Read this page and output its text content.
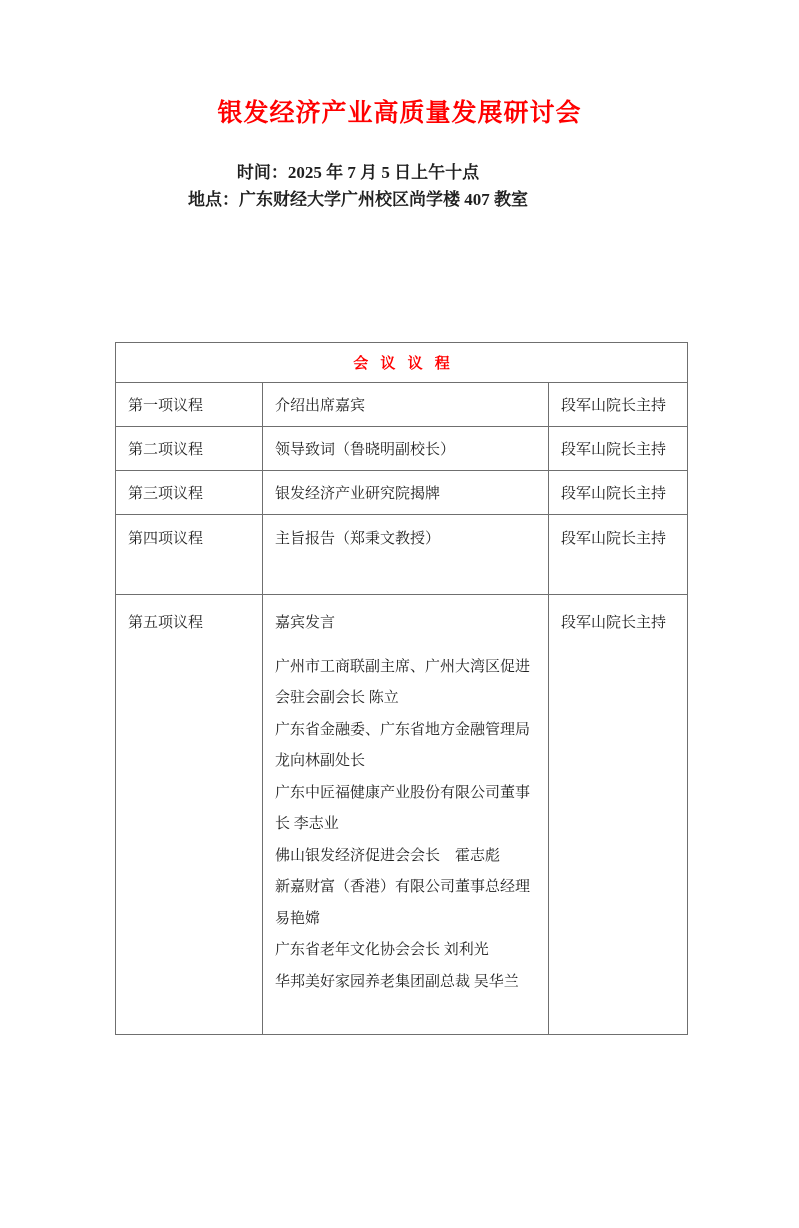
银发经济产业高质量发展研讨会
时间：2025 年 7 月 5 日上午十点
地点：广东财经大学广州校区尚学楼 407 教室
会 议 议 程		
第一项议程	介绍出席嘉宾	段军山院长主持
第二项议程	领导致词（鲁晓明副校长）	段军山院长主持
第三项议程	银发经济产业研究院揭牌	段军山院长主持
第四项议程	主旨报告（郑秉文教授）	段军山院长主持
第五项议程	嘉宾发言

广州市工商联副主席、广州大湾区促进会驻会副会长 陈立

广东省金融委、广东省地方金融管理局 龙向林副处长

广东中匠福健康产业股份有限公司董事长 李志业

佛山银发经济促进会会长　霍志彪

新嘉财富（香港）有限公司董事总经理易艳嫦

广东省老年文化协会会长 刘利光

华邦美好家园养老集团副总裁 吴华兰

	段军山院长主持
